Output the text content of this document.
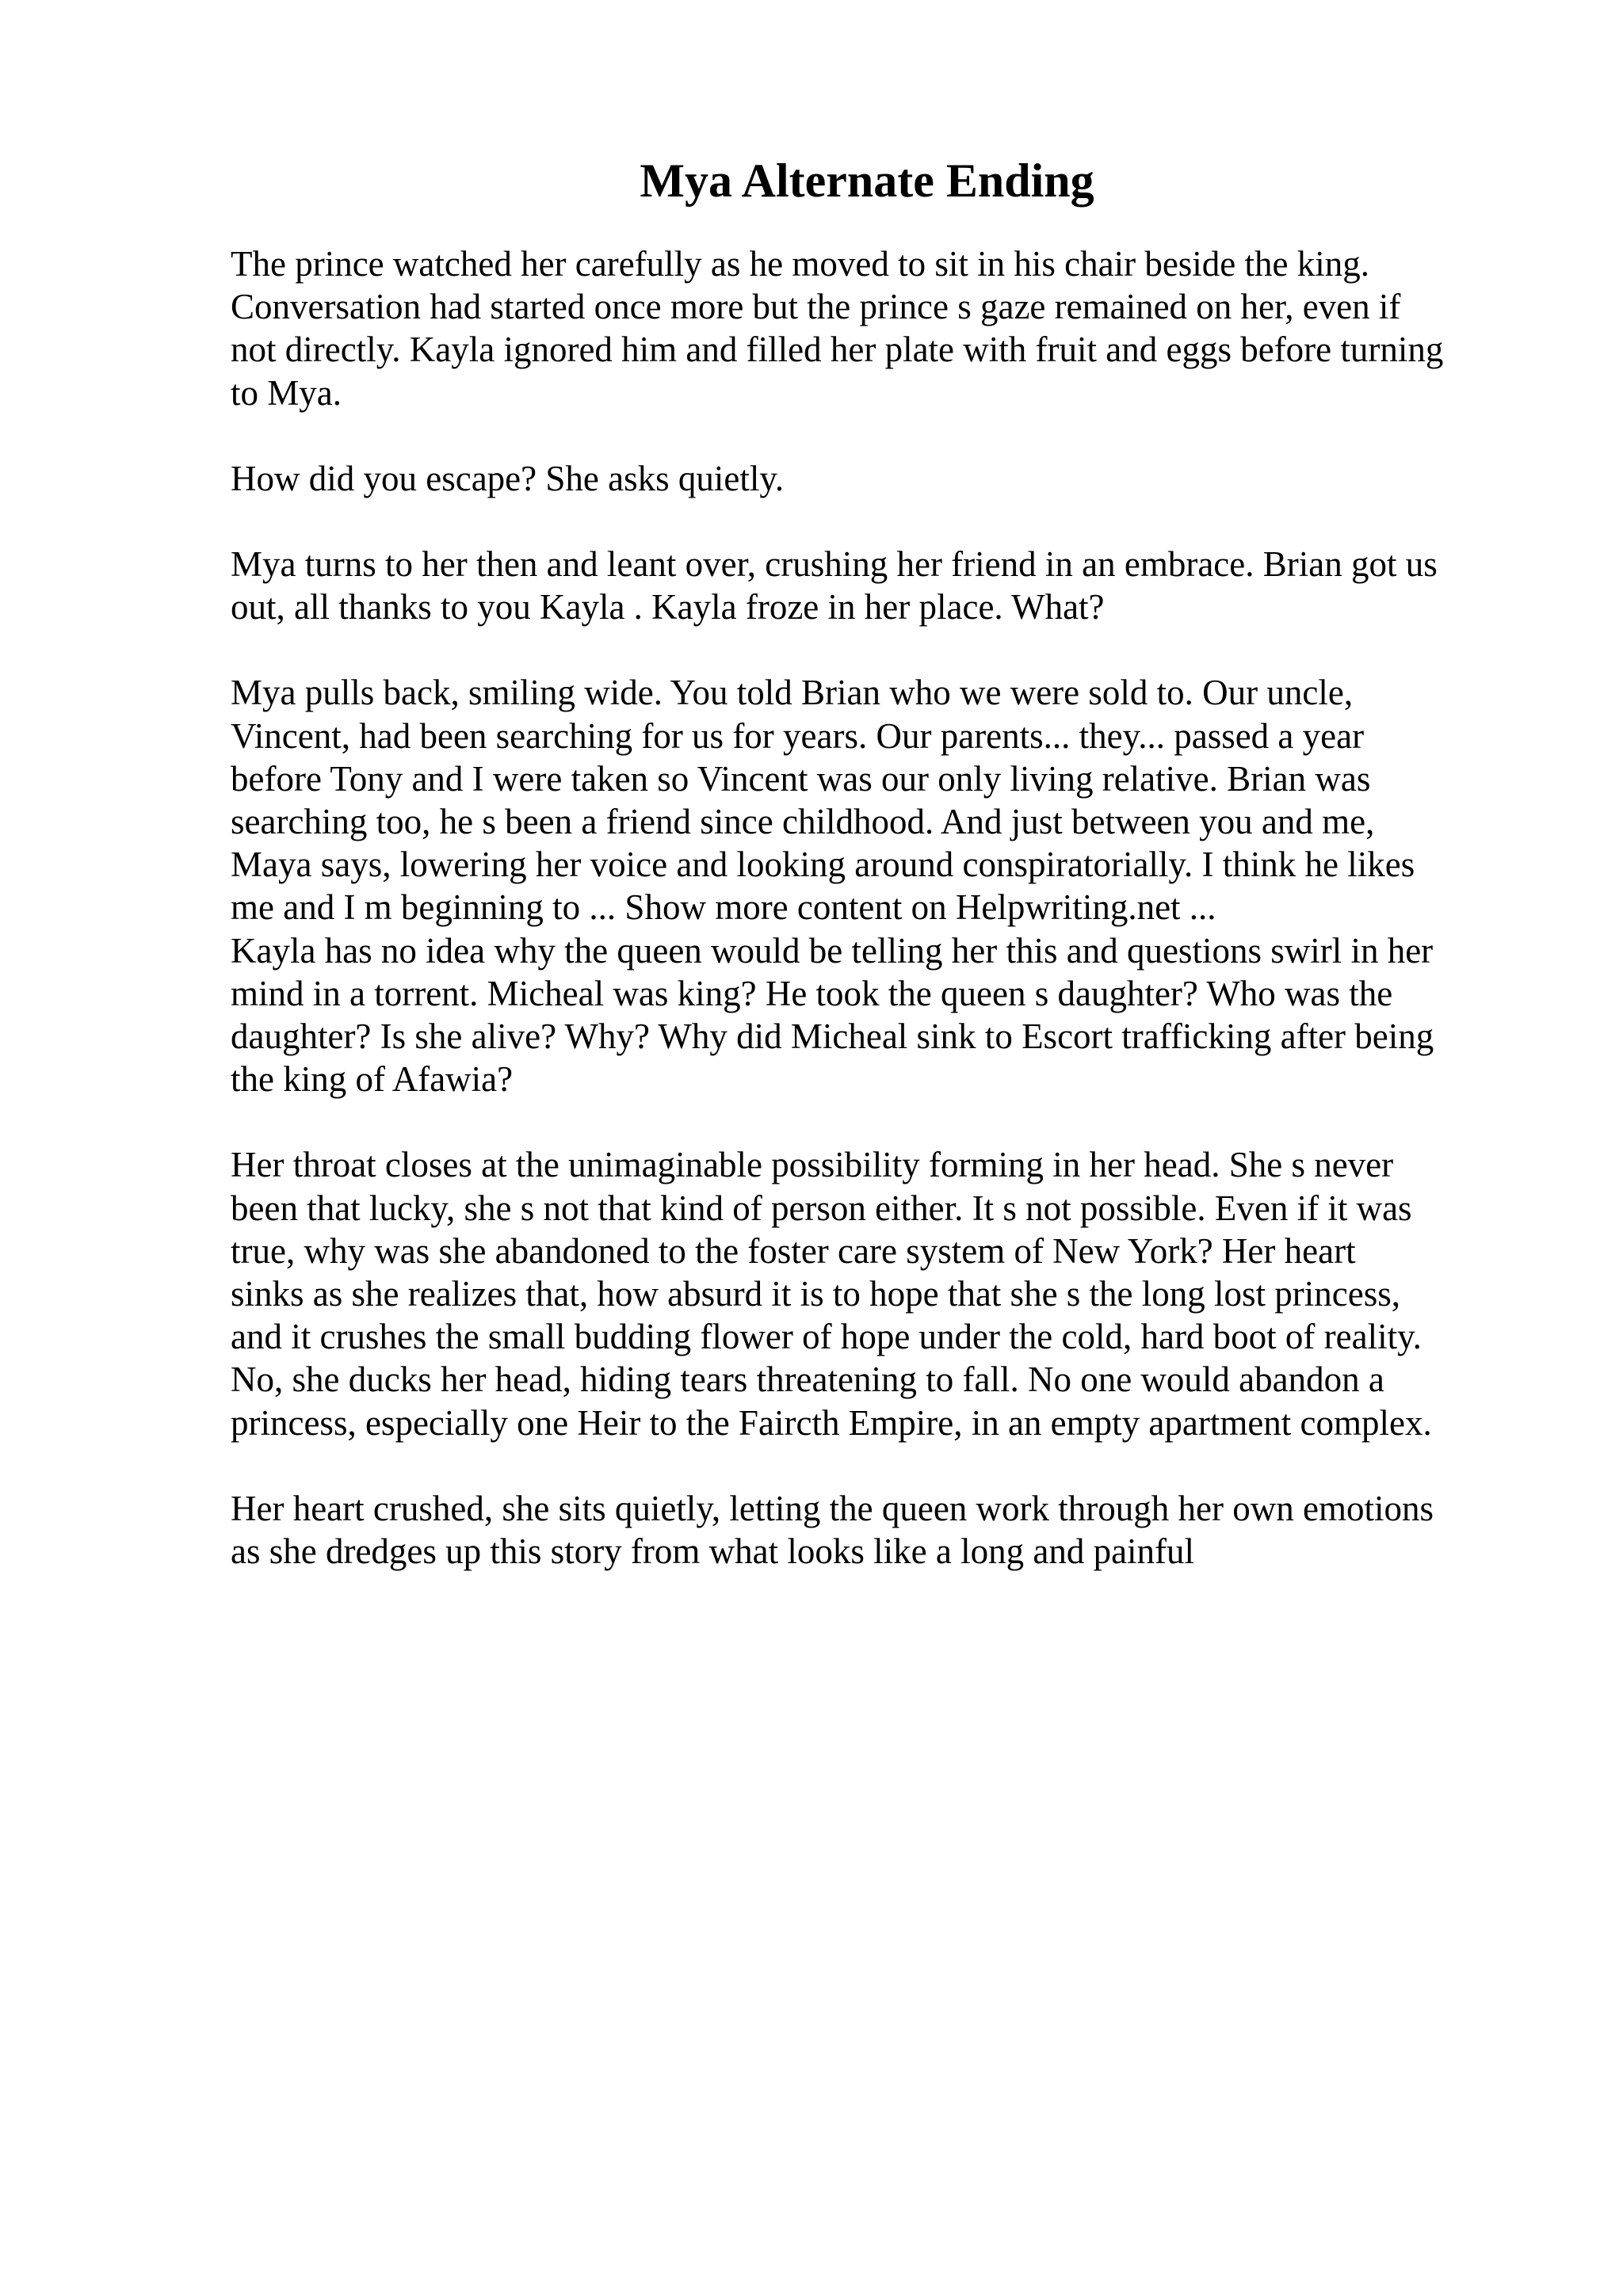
Mya Alternate Ending

The prince watched her carefully as he moved to sit in his chair beside the king.
Conversation had started once more but the prince s gaze remained on her, even if
not directly. Kayla ignored him and filled her plate with fruit and eggs before turning
to Mya.

How did you escape? She asks quietly.

Mya turns to her then and leant over, crushing her friend in an embrace. Brian got us
out, all thanks to you Kayla . Kayla froze in her place. What?

Mya pulls back, smiling wide. You told Brian who we were sold to. Our uncle,
Vincent, had been searching for us for years. Our parents... they... passed a year
before Tony and I were taken so Vincent was our only living relative. Brian was
searching too, he s been a friend since childhood. And just between you and me,
Maya says, lowering her voice and looking around conspiratorially. I think he likes
me and I m beginning to ... Show more content on Helpwriting.net ...

Kayla has no idea why the queen would be telling her this and questions swirl in her
mind in a torrent. Micheal was king? He took the queen s daughter? Who was the
daughter? Is she alive? Why? Why did Micheal sink to Escort trafficking after being
the king of Afawia?

Her throat closes at the unimaginable possibility forming in her head. She s never
been that lucky, she s not that kind of person either. It s not possible. Even if it was
true, why was she abandoned to the foster care system of New York? Her heart
sinks as she realizes that, how absurd it is to hope that she s the long lost princess,
and it crushes the small budding flower of hope under the cold, hard boot of reality.
No, she ducks her head, hiding tears threatening to fall. No one would abandon a
princess, especially one Heir to the Faircth Empire, in an empty apartment complex.

Her heart crushed, she sits quietly, letting the queen work through her own emotions
as she dredges up this story from what looks like a long and painful
